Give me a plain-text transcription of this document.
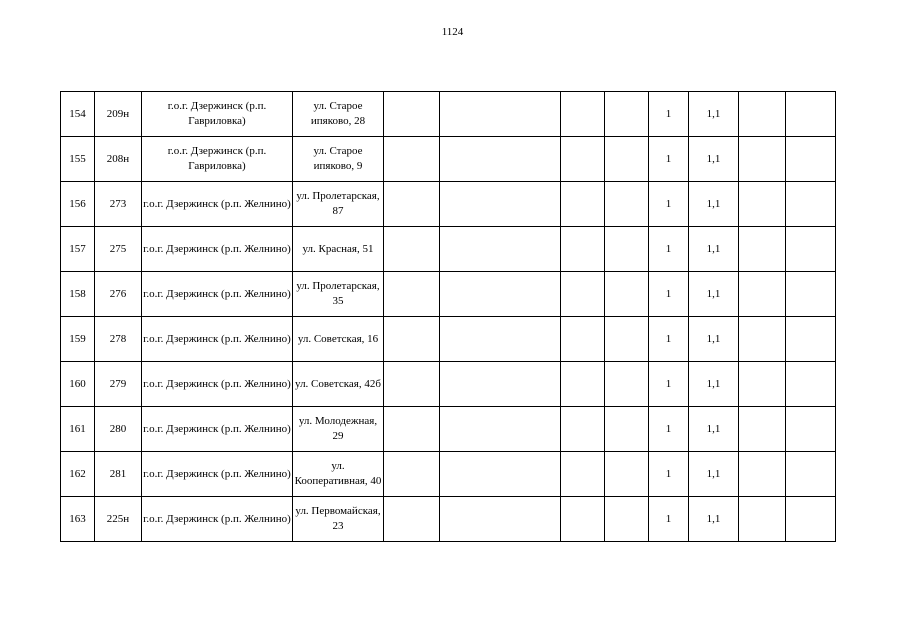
1124
154	209н	г.о.г. Дзержинск (р.п. Гавриловка)	ул. Старое ипяково, 28					1	1,1		
155	208н	г.о.г. Дзержинск (р.п. Гавриловка)	ул. Старое ипяково, 9					1	1,1		
156	273	г.о.г. Дзержинск (р.п. Желнино)	ул. Пролетарская, 87					1	1,1		
157	275	г.о.г. Дзержинск (р.п. Желнино)	ул. Красная, 51					1	1,1		
158	276	г.о.г. Дзержинск (р.п. Желнино)	ул. Пролетарская, 35					1	1,1		
159	278	г.о.г. Дзержинск (р.п. Желнино)	ул. Советская, 16					1	1,1		
160	279	г.о.г. Дзержинск (р.п. Желнино)	ул. Советская, 42б					1	1,1		
161	280	г.о.г. Дзержинск (р.п. Желнино)	ул. Молодежная, 29					1	1,1		
162	281	г.о.г. Дзержинск (р.п. Желнино)	ул. Кооперативная, 40					1	1,1		
163	225н	г.о.г. Дзержинск (р.п. Желнино)	ул. Первомайская, 23					1	1,1		
